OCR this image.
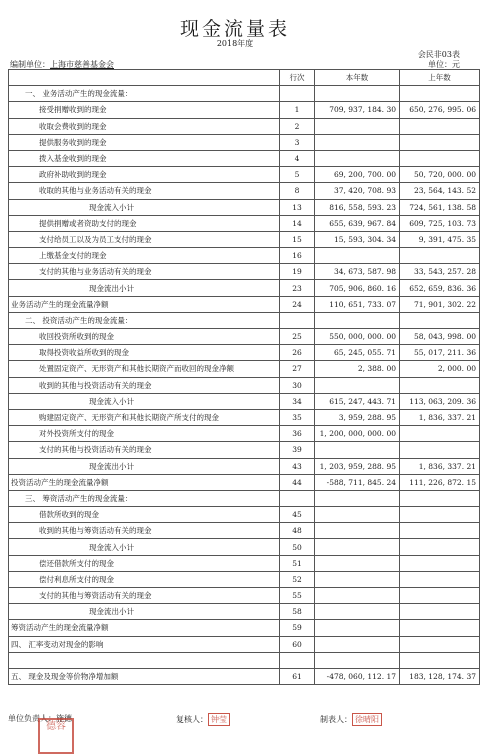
现金流量表
2018年度
会民非03表
编制单位：上海市慈善基金会	单位：元
	行次	本年数	上年数
一、 业务活动产生的现金流量：			
接受捐赠收到的现金	1	709, 937, 184. 30	650, 276, 995. 06
收取会费收到的现金	2		
提供服务收到的现金	3		
拨入基金收到的现金	4		
政府补助收到的现金	5	69, 200, 700. 00	50, 720, 000. 00
收取的其他与业务活动有关的现金	8	37, 420, 708. 93	23, 564, 143. 52
现金流入小计	13	816, 558, 593. 23	724, 561, 138. 58
提供捐赠或者资助支付的现金	14	655, 639, 967. 84	609, 725, 103. 73
支付给员工以及为员工支付的现金	15	15, 593, 304. 34	9, 391, 475. 35
上缴基金支付的现金	16		
支付的其他与业务活动有关的现金	19	34, 673, 587. 98	33, 543, 257. 28
现金流出小计	23	705, 906, 860. 16	652, 659, 836. 36
业务活动产生的现金流量净额	24	110, 651, 733. 07	71, 901, 302. 22
二、 投资活动产生的现金流量：			
收回投资所收到的现金	25	550, 000, 000. 00	58, 043, 998. 00
取得投资收益所收到的现金	26	65, 245, 055. 71	55, 017, 211. 36
处置固定资产、无形资产和其他长期资产而收回的现金净额	27	2, 388. 00	2, 000. 00
收到的其他与投资活动有关的现金	30		
现金流入小计	34	615, 247, 443. 71	113, 063, 209. 36
购建固定资产、无形资产和其他长期资产所支付的现金	35	3, 959, 288. 95	1, 836, 337. 21
对外投资所支付的现金	36	1, 200, 000, 000. 00	
支付的其他与投资活动有关的现金	39		
现金流出小计	43	1, 203, 959, 288. 95	1, 836, 337. 21
投资活动产生的现金流量净额	44	-588, 711, 845. 24	111, 226, 872. 15
三、 筹资活动产生的现金流量：			
借款所收到的现金	45		
收到的其他与筹资活动有关的现金	48		
现金流入小计	50		
偿还借款所支付的现金	51		
偿付利息所支付的现金	52		
支付的其他与筹资活动有关的现金	55		
现金流出小计	58		
筹资活动产生的现金流量净额	59		
四、 汇率变动对现金的影响	60		

五、 现金及现金等价物净增加额	61	-478, 060, 112. 17	183, 128, 174. 37
单位负责人：施德	复核人： 钟莹	制表人： 徐晴阳
德容
